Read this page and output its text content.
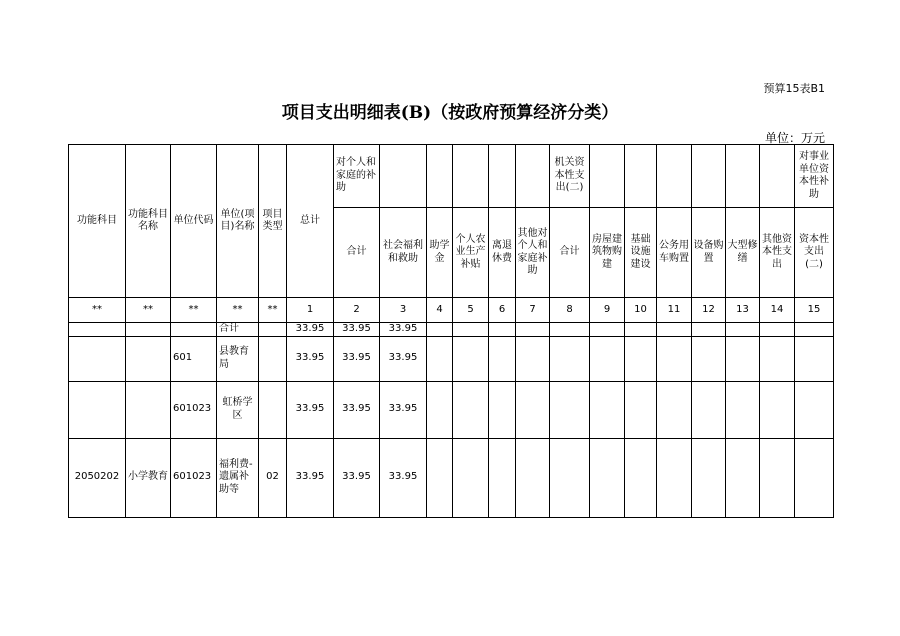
预算15表B1
项目支出明细表(B)（按政府预算经济分类）
单位：万元
功能科目	功能科目名称	单位代码	单位(项目)名称	项目类型	总计	对个人和家庭的补助						机关资本性支出(二)							对事业单位资本性补助
						合计	社会福利和救助	助学金	个人农业生产补贴	离退休费	其他对个人和家庭补助	合计	房屋建筑物购建	基础设施建设	公务用车购置	设备购置	大型修缮	其他资本性支出	资本性支出(二)
**	**	**	**	**	1	2	3	4	5	6	7	8	9	10	11	12	13	14	15
			合计		33.95	33.95	33.95												
		601	县教育局		33.95	33.95	33.95												
		601023	虹桥学区		33.95	33.95	33.95												
2050202	小学教育	601023	福利费-遗属补助等	02	33.95	33.95	33.95												
